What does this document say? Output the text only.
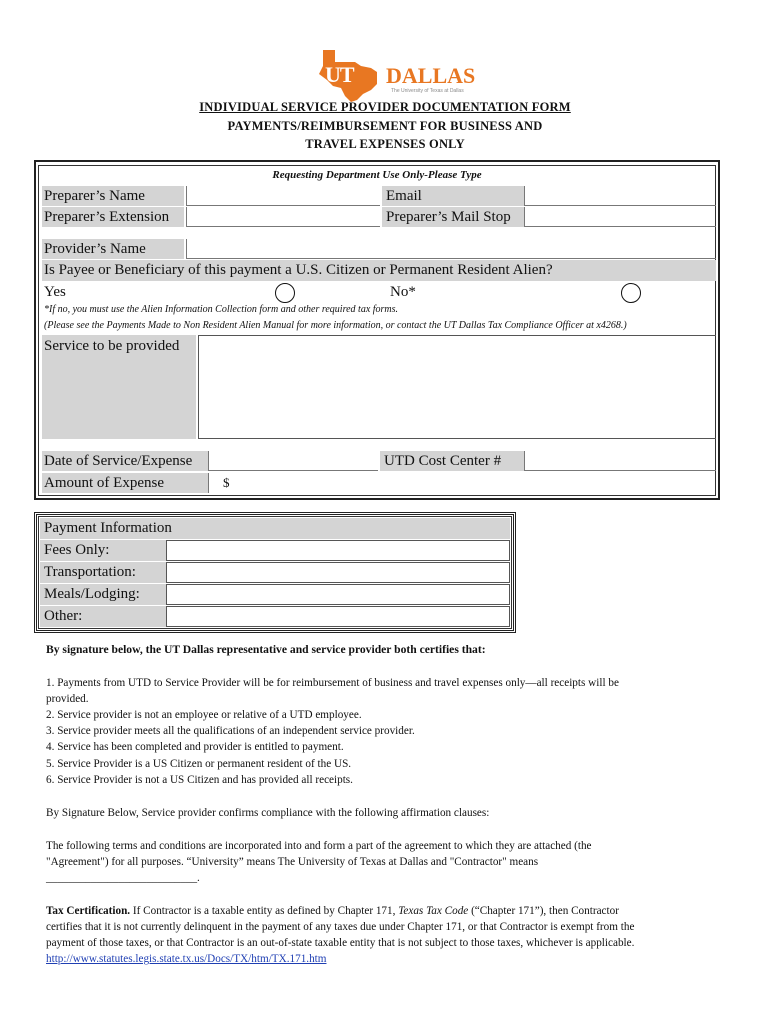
UT DALLAS
The University of Texas at Dallas
INDIVIDUAL SERVICE PROVIDER DOCUMENTATION FORM
PAYMENTS/REIMBURSEMENT FOR BUSINESS AND
TRAVEL EXPENSES ONLY
Requesting Department Use Only-Please Type
Preparer’s Name	Email
Preparer’s Extension	Preparer’s Mail Stop
Provider’s Name
Is Payee or Beneficiary of this payment a U.S. Citizen or Permanent Resident Alien?
Yes	No*
*If no, you must use the Alien Information Collection form and other required tax forms.
(Please see the Payments Made to Non Resident Alien Manual for more information, or contact the UT Dallas Tax Compliance Officer at x4268.)
Service to be provided
Date of Service/Expense	UTD Cost Center #
Amount of Expense	$
Payment Information
Fees Only:
Transportation:
Meals/Lodging:
Other:
By signature below, the UT Dallas representative and service provider both certifies that:
1. Payments from UTD to Service Provider will be for reimbursement of business and travel expenses only—all receipts will be
provided.
2. Service provider is not an employee or relative of a UTD employee.
3. Service provider meets all the qualifications of an independent service provider.
4. Service has been completed and provider is entitled to payment.
5. Service Provider is a US Citizen or permanent resident of the US.
6. Service Provider is not a US Citizen and has provided all receipts.
By Signature Below, Service provider confirms compliance with the following affirmation clauses:
The following terms and conditions are incorporated into and form a part of the agreement to which they are attached (the
"Agreement") for all purposes. “University” means The University of Texas at Dallas and "Contractor" means
___________________________.
Tax Certification. If Contractor is a taxable entity as defined by Chapter 171, Texas Tax Code (“Chapter 171”), then Contractor
certifies that it is not currently delinquent in the payment of any taxes due under Chapter 171, or that Contractor is exempt from the
payment of those taxes, or that Contractor is an out-of-state taxable entity that is not subject to those taxes, whichever is applicable.
http://www.statutes.legis.state.tx.us/Docs/TX/htm/TX.171.htm
